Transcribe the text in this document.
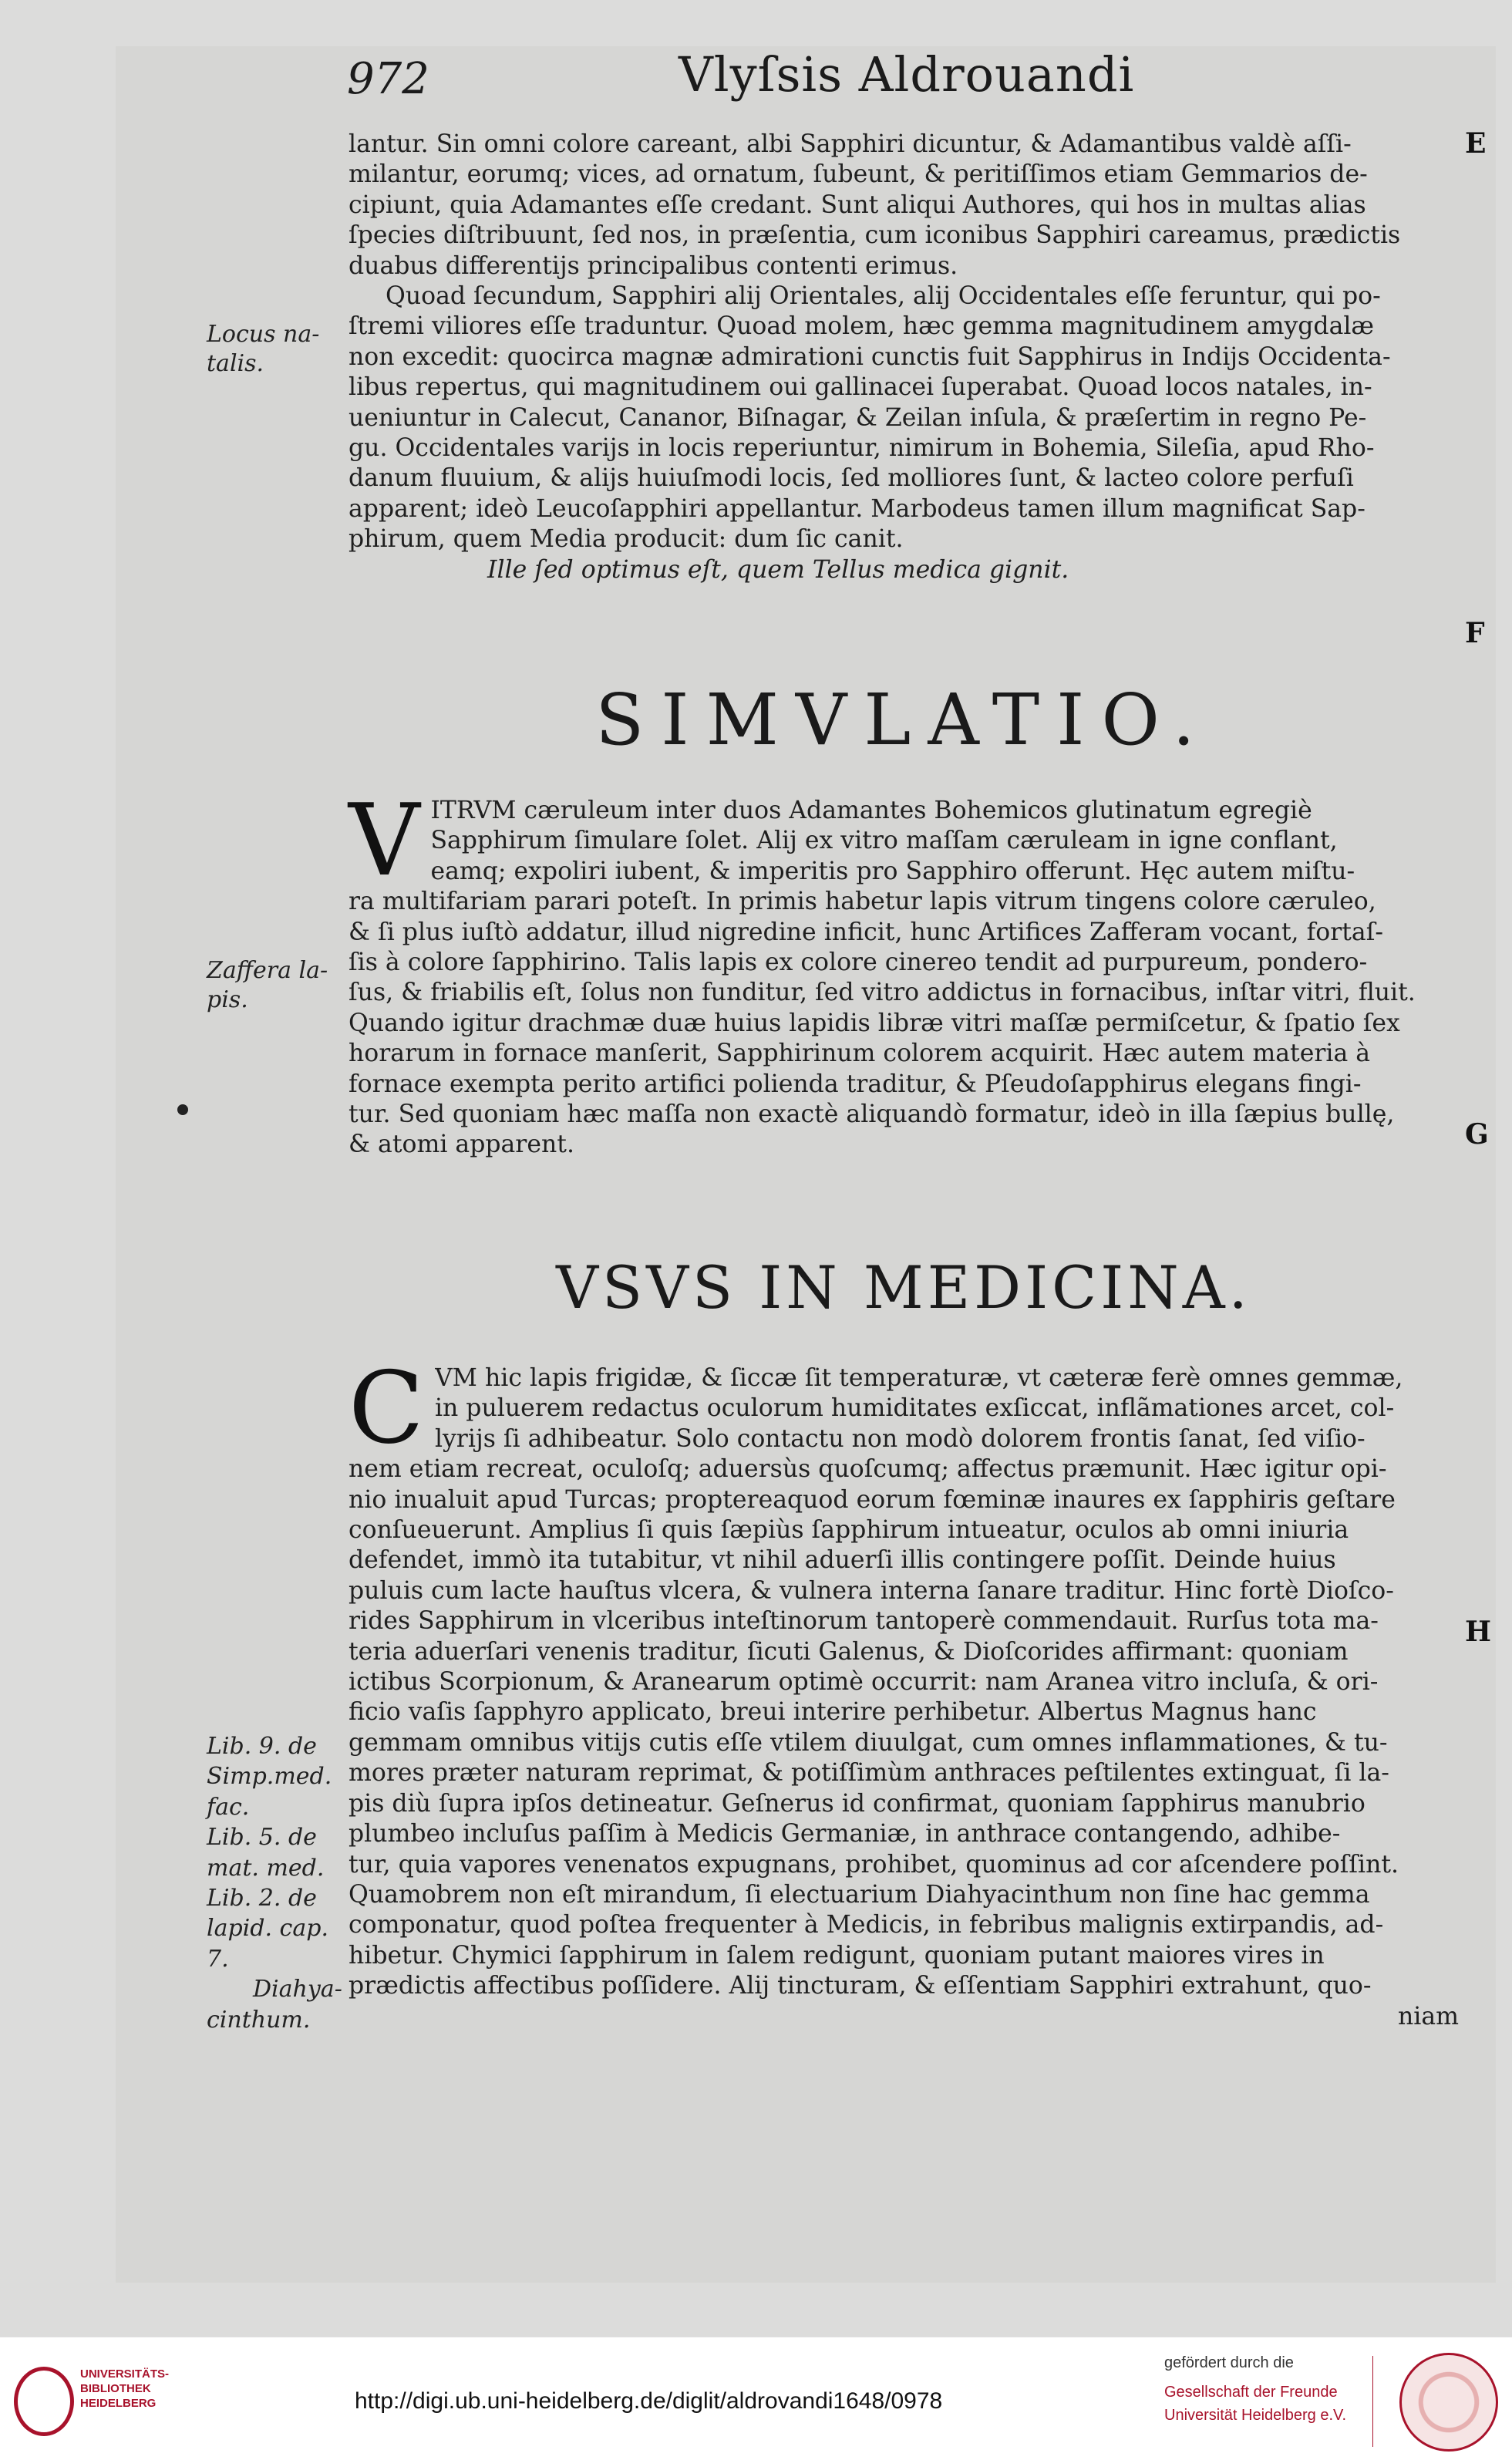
972	Vlyſsis Aldrouandi
lantur. Sin omni colore careant, albi Sapphiri dicuntur, & Adamantibus valdè aſſi-
milantur, eorumq; vices, ad ornatum, ſubeunt, & peritiſſimos etiam Gemmarios de-
cipiunt, quia Adamantes eſſe credant. Sunt aliqui Authores, qui hos in multas alias
ſpecies diſtribuunt, ſed nos, in præſentia, cum iconibus Sapphiri careamus, prædictis
duabus differentijs principalibus contenti erimus.
Quoad ſecundum, Sapphiri alij Orientales, alij Occidentales eſſe feruntur, qui po-
ſtremi viliores eſſe traduntur. Quoad molem, hæc gemma magnitudinem amygdalæ
non excedit: quocirca magnæ admirationi cunctis fuit Sapphirus in Indijs Occidenta-
libus repertus, qui magnitudinem oui gallinacei ſuperabat. Quoad locos natales, in-
ueniuntur in Calecut, Cananor, Biſnagar, & Zeilan inſula, & præſertim in regno Pe-
gu. Occidentales varijs in locis reperiuntur, nimirum in Bohemia, Sileſia, apud Rho-
danum fluuium, & alijs huiuſmodi locis, ſed molliores ſunt, & lacteo colore perfuſi
apparent; ideò Leucoſapphiri appellantur. Marbodeus tamen illum magnificat Sap-
phirum, quem Media producit: dum ſic canit.
Ille ſed optimus eſt, quem Tellus medica gignit.
Locus na-talis.
E
F
G
H
SIMVLATIO.
V ITRVM cæruleum inter duos Adamantes Bohemicos glutinatum egregiè
Sapphirum ſimulare ſolet. Alij ex vitro maſſam cæruleam in igne conflant,
eamq; expoliri iubent, & imperitis pro Sapphiro offerunt. Hęc autem miſtu-
ra multifariam parari poteſt. In primis habetur lapis vitrum tingens colore cæruleo,
& ſi plus iuſtò addatur, illud nigredine inficit, hunc Artifices Zafferam vocant, fortaſ-
ſis à colore ſapphirino. Talis lapis ex colore cinereo tendit ad purpureum, pondero-
ſus, & friabilis eſt, ſolus non funditur, ſed vitro addictus in fornacibus, inſtar vitri, fluit.
Quando igitur drachmæ duæ huius lapidis libræ vitri maſſæ permiſcetur, & ſpatio ſex
horarum in fornace manſerit, Sapphirinum colorem acquirit. Hæc autem materia à
fornace exempta perito artifici polienda traditur, & Pſeudoſapphirus elegans fingi-
tur. Sed quoniam hæc maſſa non exactè aliquandò formatur, ideò in illa ſæpius bullę,
& atomi apparent.
Zaffera la-pis.
VSVS IN MEDICINA.
C VM hic lapis frigidæ, & ſiccæ ſit temperaturæ, vt cæteræ ferè omnes gemmæ,
in puluerem redactus oculorum humiditates exſiccat, inflãmationes arcet, col-
lyrijs ſi adhibeatur. Solo contactu non modò dolorem frontis ſanat, ſed viſio-
nem etiam recreat, oculoſq; aduersùs quoſcumq; affectus præmunit. Hæc igitur opi-
nio inualuit apud Turcas; proptereaquod eorum fœminæ inaures ex ſapphiris geſtare
conſueuerunt. Amplius ſi quis ſæpiùs ſapphirum intueatur, oculos ab omni iniuria
defendet, immò ita tutabitur, vt nihil aduerſi illis contingere poſſit. Deinde huius
puluis cum lacte hauſtus vlcera, & vulnera interna ſanare traditur. Hinc fortè Dioſco-
rides Sapphirum in vlceribus inteſtinorum tantoperè commendauit. Rurſus tota ma-
teria aduerſari venenis traditur, ſicuti Galenus, & Dioſcorides affirmant: quoniam
ictibus Scorpionum, & Aranearum optimè occurrit: nam Aranea vitro incluſa, & ori-
ficio vaſis ſapphyro applicato, breui interire perhibetur. Albertus Magnus hanc
gemmam omnibus vitijs cutis eſſe vtilem diuulgat, cum omnes inflammationes, & tu-
mores præter naturam reprimat, & potiſſimùm anthraces peſtilentes extinguat, ſi la-
pis diù ſupra ipſos detineatur. Geſnerus id confirmat, quoniam ſapphirus manubrio
plumbeo incluſus paſſim à Medicis Germaniæ, in anthrace contangendo, adhibe-
tur, quia vapores venenatos expugnans, prohibet, quominus ad cor aſcendere poſſint.
Quamobrem non eſt mirandum, ſi electuarium Diahyacinthum non ſine hac gemma
componatur, quod poſtea frequenter à Medicis, in febribus malignis extirpandis, ad-
hibetur. Chymici ſapphirum in ſalem redigunt, quoniam putant maiores vires in
prædictis affectibus poſſidere. Alij tincturam, & eſſentiam Sapphiri extrahunt, quo-
niam
Lib. 9. de
Simp.med.
fac.
Lib. 5. de
mat. med.
Lib. 2. de
lapid. cap.
7.
Diahya-
cinthum.
UNIVERSITÄTS-
BIBLIOTHEK
HEIDELBERG	http://digi.ub.uni-heidelberg.de/diglit/aldrovandi1648/0978
gefördert durch die
Gesellschaft der Freunde
Universität Heidelberg e.V.
